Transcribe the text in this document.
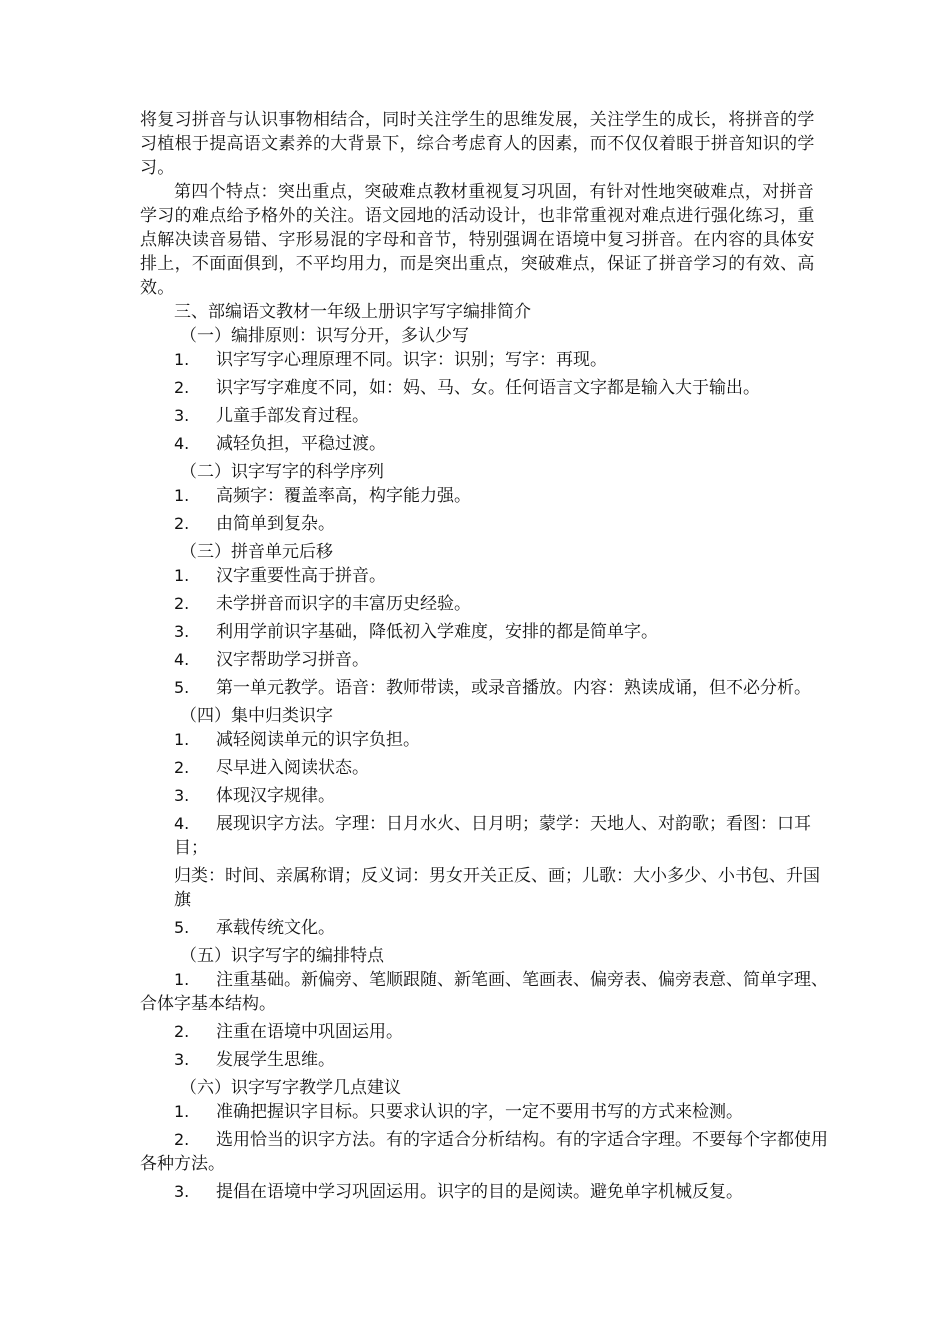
将复习拼音与认识事物相结合，同时关注学生的思维发展，关注学生的成长，将拼音的学习植根于提高语文素养的大背景下，综合考虑育人的因素，而不仅仅着眼于拼音知识的学习。

第四个特点：突出重点，突破难点教材重视复习巩固，有针对性地突破难点，对拼音学习的难点给予格外的关注。语文园地的活动设计，也非常重视对难点进行强化练习，重点解决读音易错、字形易混的字母和音节，特别强调在语境中复习拼音。在内容的具体安排上，不面面俱到，不平均用力，而是突出重点，突破难点，保证了拼音学习的有效、高效。

三、部编语文教材一年级上册识字写字编排简介

（一）编排原则：识写分开，多认少写

1. 识字写字心理原理不同。识字：识别；写字：再现。

2. 识字写字难度不同，如：妈、马、女。任何语言文字都是输入大于输出。

3. 儿童手部发育过程。

4. 减轻负担，平稳过渡。

（二）识字写字的科学序列

1. 高频字：覆盖率高，构字能力强。

2. 由简单到复杂。

（三）拼音单元后移

1. 汉字重要性高于拼音。

2. 未学拼音而识字的丰富历史经验。

3. 利用学前识字基础，降低初入学难度，安排的都是简单字。

4. 汉字帮助学习拼音。

5. 第一单元教学。语音：教师带读，或录音播放。内容：熟读成诵，但不必分析。

（四）集中归类识字

1. 减轻阅读单元的识字负担。

2. 尽早进入阅读状态。

3. 体现汉字规律。

4. 展现识字方法。字理：日月水火、日月明；蒙学：天地人、对韵歌；看图：口耳目；

归类：时间、亲属称谓；反义词：男女开关正反、画；儿歌：大小多少、小书包、升国旗

5. 承载传统文化。

（五）识字写字的编排特点

1. 注重基础。新偏旁、笔顺跟随、新笔画、笔画表、偏旁表、偏旁表意、简单字理、合体字基本结构。

2. 注重在语境中巩固运用。

3. 发展学生思维。

（六）识字写字教学几点建议

1. 准确把握识字目标。只要求认识的字，一定不要用书写的方式来检测。

2. 选用恰当的识字方法。有的字适合分析结构。有的字适合字理。不要每个字都使用各种方法。

3. 提倡在语境中学习巩固运用。识字的目的是阅读。避免单字机械反复。
